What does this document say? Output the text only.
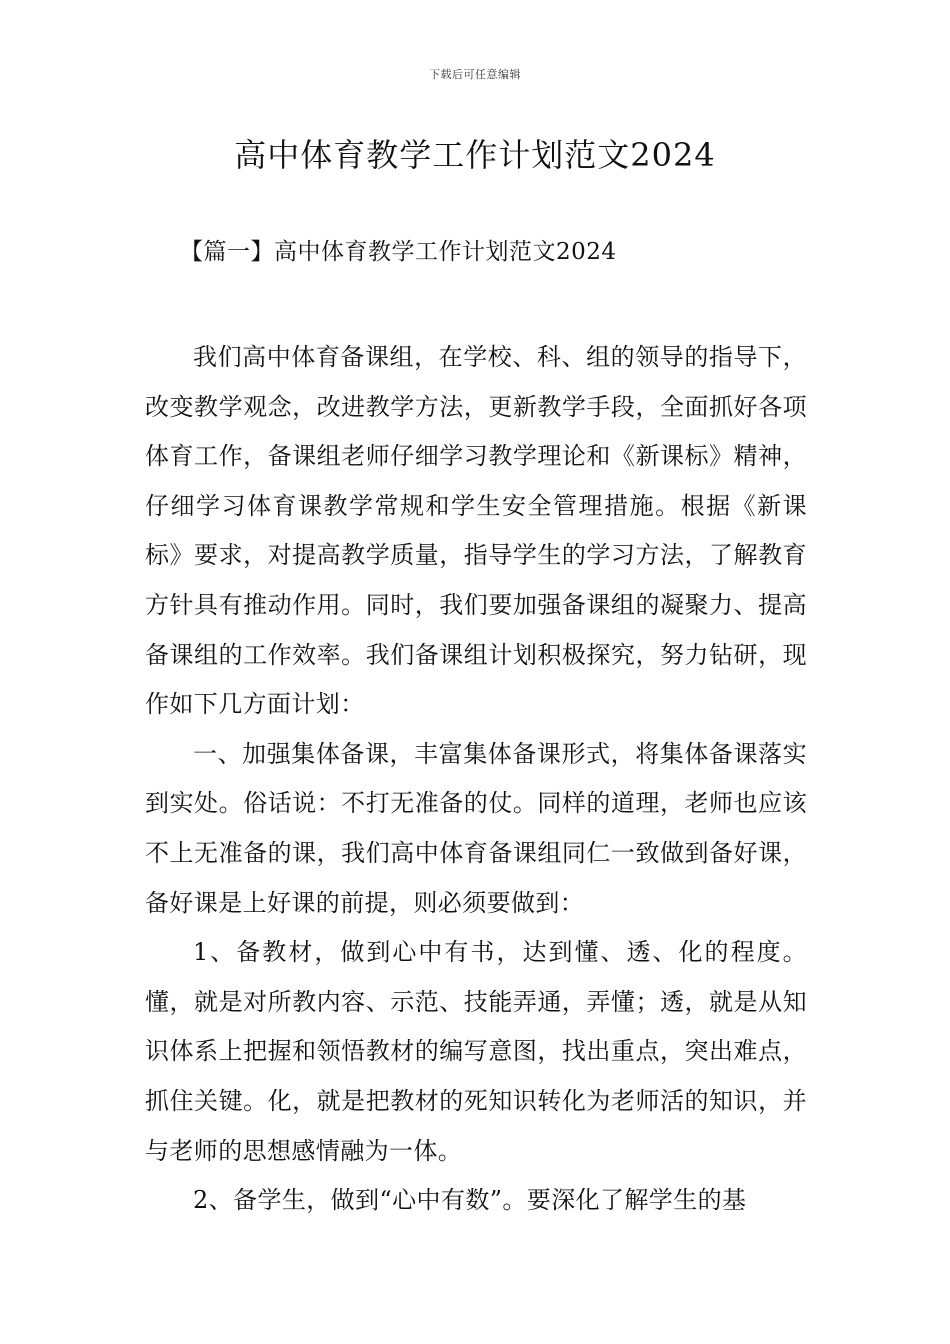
下载后可任意编辑
高中体育教学工作计划范文2024
【篇一】高中体育教学工作计划范文2024

我们高中体育备课组，在学校、科、组的领导的指导下，改变教学观念，改进教学方法，更新教学手段，全面抓好各项体育工作，备课组老师仔细学习教学理论和《新课标》精神，仔细学习体育课教学常规和学生安全管理措施。根据《新课标》要求，对提高教学质量，指导学生的学习方法，了解教育方针具有推动作用。同时，我们要加强备课组的凝聚力、提高备课组的工作效率。我们备课组计划积极探究，努力钻研，现作如下几方面计划：

一、加强集体备课，丰富集体备课形式，将集体备课落实到实处。俗话说：不打无准备的仗。同样的道理，老师也应该不上无准备的课，我们高中体育备课组同仁一致做到备好课，备好课是上好课的前提，则必须要做到：

1、备教材，做到心中有书，达到懂、透、化的程度。懂，就是对所教内容、示范、技能弄通，弄懂；透，就是从知识体系上把握和领悟教材的编写意图，找出重点，突出难点，抓住关键。化，就是把教材的死知识转化为老师活的知识，并与老师的思想感情融为一体。

2、备学生，做到“心中有数”。要深化了解学生的基
